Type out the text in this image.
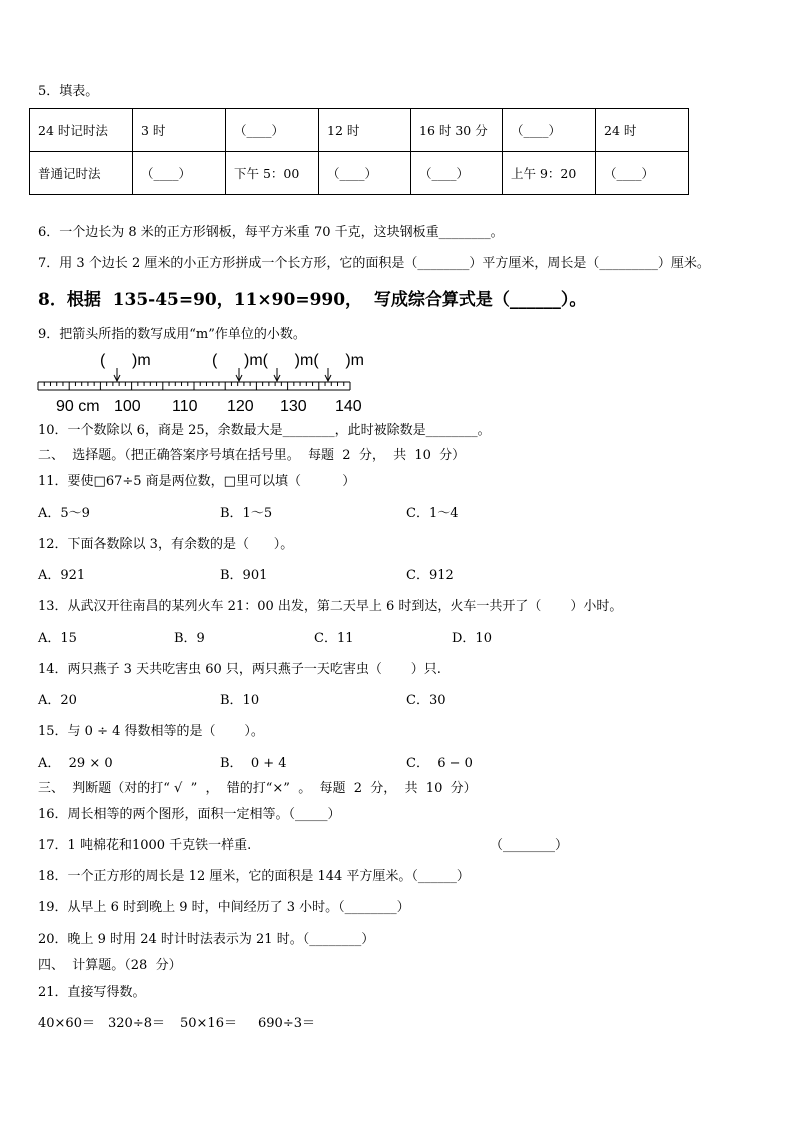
5．填表。
24 时记时法	3 时	（____）	12 时	16 时 30 分	（____）	24 时
普通记时法	（____）	下午 5：00	（____）	（____）	上午 9：20	（____）
6．一个边长为 8 米的正方形钢板，每平方米重 70 千克，这块钢板重________。
7．用 3 个边长 2 厘米的小正方形拼成一个长方形，它的面积是（________）平方厘米，周长是（_________）厘米。
8．根据  135-45=90，11×90=990，  写成综合算式是（______）。
9．把箭头所指的数写成用“m”作单位的小数。
(      )m	(      )m(      )m(      )m
90 cm 100 110 120 130 140
10．一个数除以 6，商是 25，余数最大是________，此时被除数是________。
二、  选择题。（把正确答案序号填在括号里。  每题  2  分，  共  10  分）
11．要使□67÷5 商是两位数，□里可以填（          ）
A．5～9	B．1～5	C．1～4
12．下面各数除以 3，有余数的是（      ）。
A．921	B．901	C．912
13．从武汉开往南昌的某列火车 21：00 出发，第二天早上 6 时到达，火车一共开了（       ）小时。
A．15	B．9	C．11	D．10
14．两只燕子 3 天共吃害虫 60 只，两只燕子一天吃害虫（       ）只.
A．20	B．10	C．30
15．与 0 ÷ 4 得数相等的是（       ）。
A．  29 × 0	B．  0 + 4	C．  6 − 0
三、  判断题（对的打“ √  ”  ，  错的打“×”  。  每题  2  分，  共  10  分）
16．周长相等的两个图形，面积一定相等。（_____）
17．1 吨棉花和1000 千克铁一样重.	（________）
18．一个正方形的周长是 12 厘米，它的面积是 144 平方厘米。（______）
19．从早上 6 时到晚上 9 时，中间经历了 3 小时。（________）
20．晚上 9 时用 24 时计时法表示为 21 时。（________）
四、  计算题。（28  分）
21．直接写得数。
40×60＝ 320÷8＝ 50×16＝ 690÷3＝
